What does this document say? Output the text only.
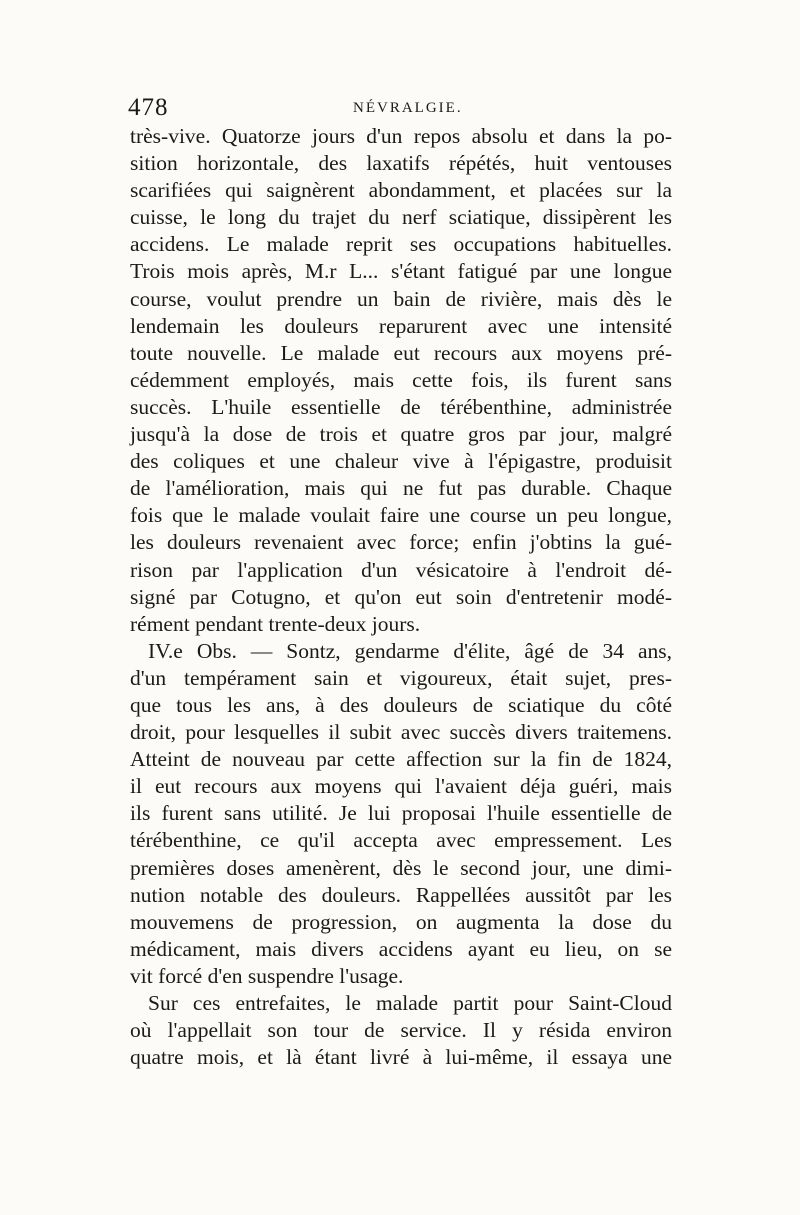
478	NÉVRALGIE.
très-vive. Quatorze jours d'un repos absolu et dans la po-
sition horizontale, des laxatifs répétés, huit ventouses
scarifiées qui saignèrent abondamment, et placées sur la
cuisse, le long du trajet du nerf sciatique, dissipèrent les
accidens. Le malade reprit ses occupations habituelles.
Trois mois après, M.r L... s'étant fatigué par une longue
course, voulut prendre un bain de rivière, mais dès le
lendemain les douleurs reparurent avec une intensité
toute nouvelle. Le malade eut recours aux moyens pré-
cédemment employés, mais cette fois, ils furent sans
succès. L'huile essentielle de térébenthine, administrée
jusqu'à la dose de trois et quatre gros par jour, malgré
des coliques et une chaleur vive à l'épigastre, produisit
de l'amélioration, mais qui ne fut pas durable. Chaque
fois que le malade voulait faire une course un peu longue,
les douleurs revenaient avec force; enfin j'obtins la gué-
rison par l'application d'un vésicatoire à l'endroit dé-
signé par Cotugno, et qu'on eut soin d'entretenir modé-
rément pendant trente-deux jours.
IV.e Obs. — Sontz, gendarme d'élite, âgé de 34 ans,
d'un tempérament sain et vigoureux, était sujet, pres-
que tous les ans, à des douleurs de sciatique du côté
droit, pour lesquelles il subit avec succès divers traitemens.
Atteint de nouveau par cette affection sur la fin de 1824,
il eut recours aux moyens qui l'avaient déja guéri, mais
ils furent sans utilité. Je lui proposai l'huile essentielle de
térébenthine, ce qu'il accepta avec empressement. Les
premières doses amenèrent, dès le second jour, une dimi-
nution notable des douleurs. Rappellées aussitôt par les
mouvemens de progression, on augmenta la dose du
médicament, mais divers accidens ayant eu lieu, on se
vit forcé d'en suspendre l'usage.
Sur ces entrefaites, le malade partit pour Saint-Cloud
où l'appellait son tour de service. Il y résida environ
quatre mois, et là étant livré à lui-même, il essaya une
